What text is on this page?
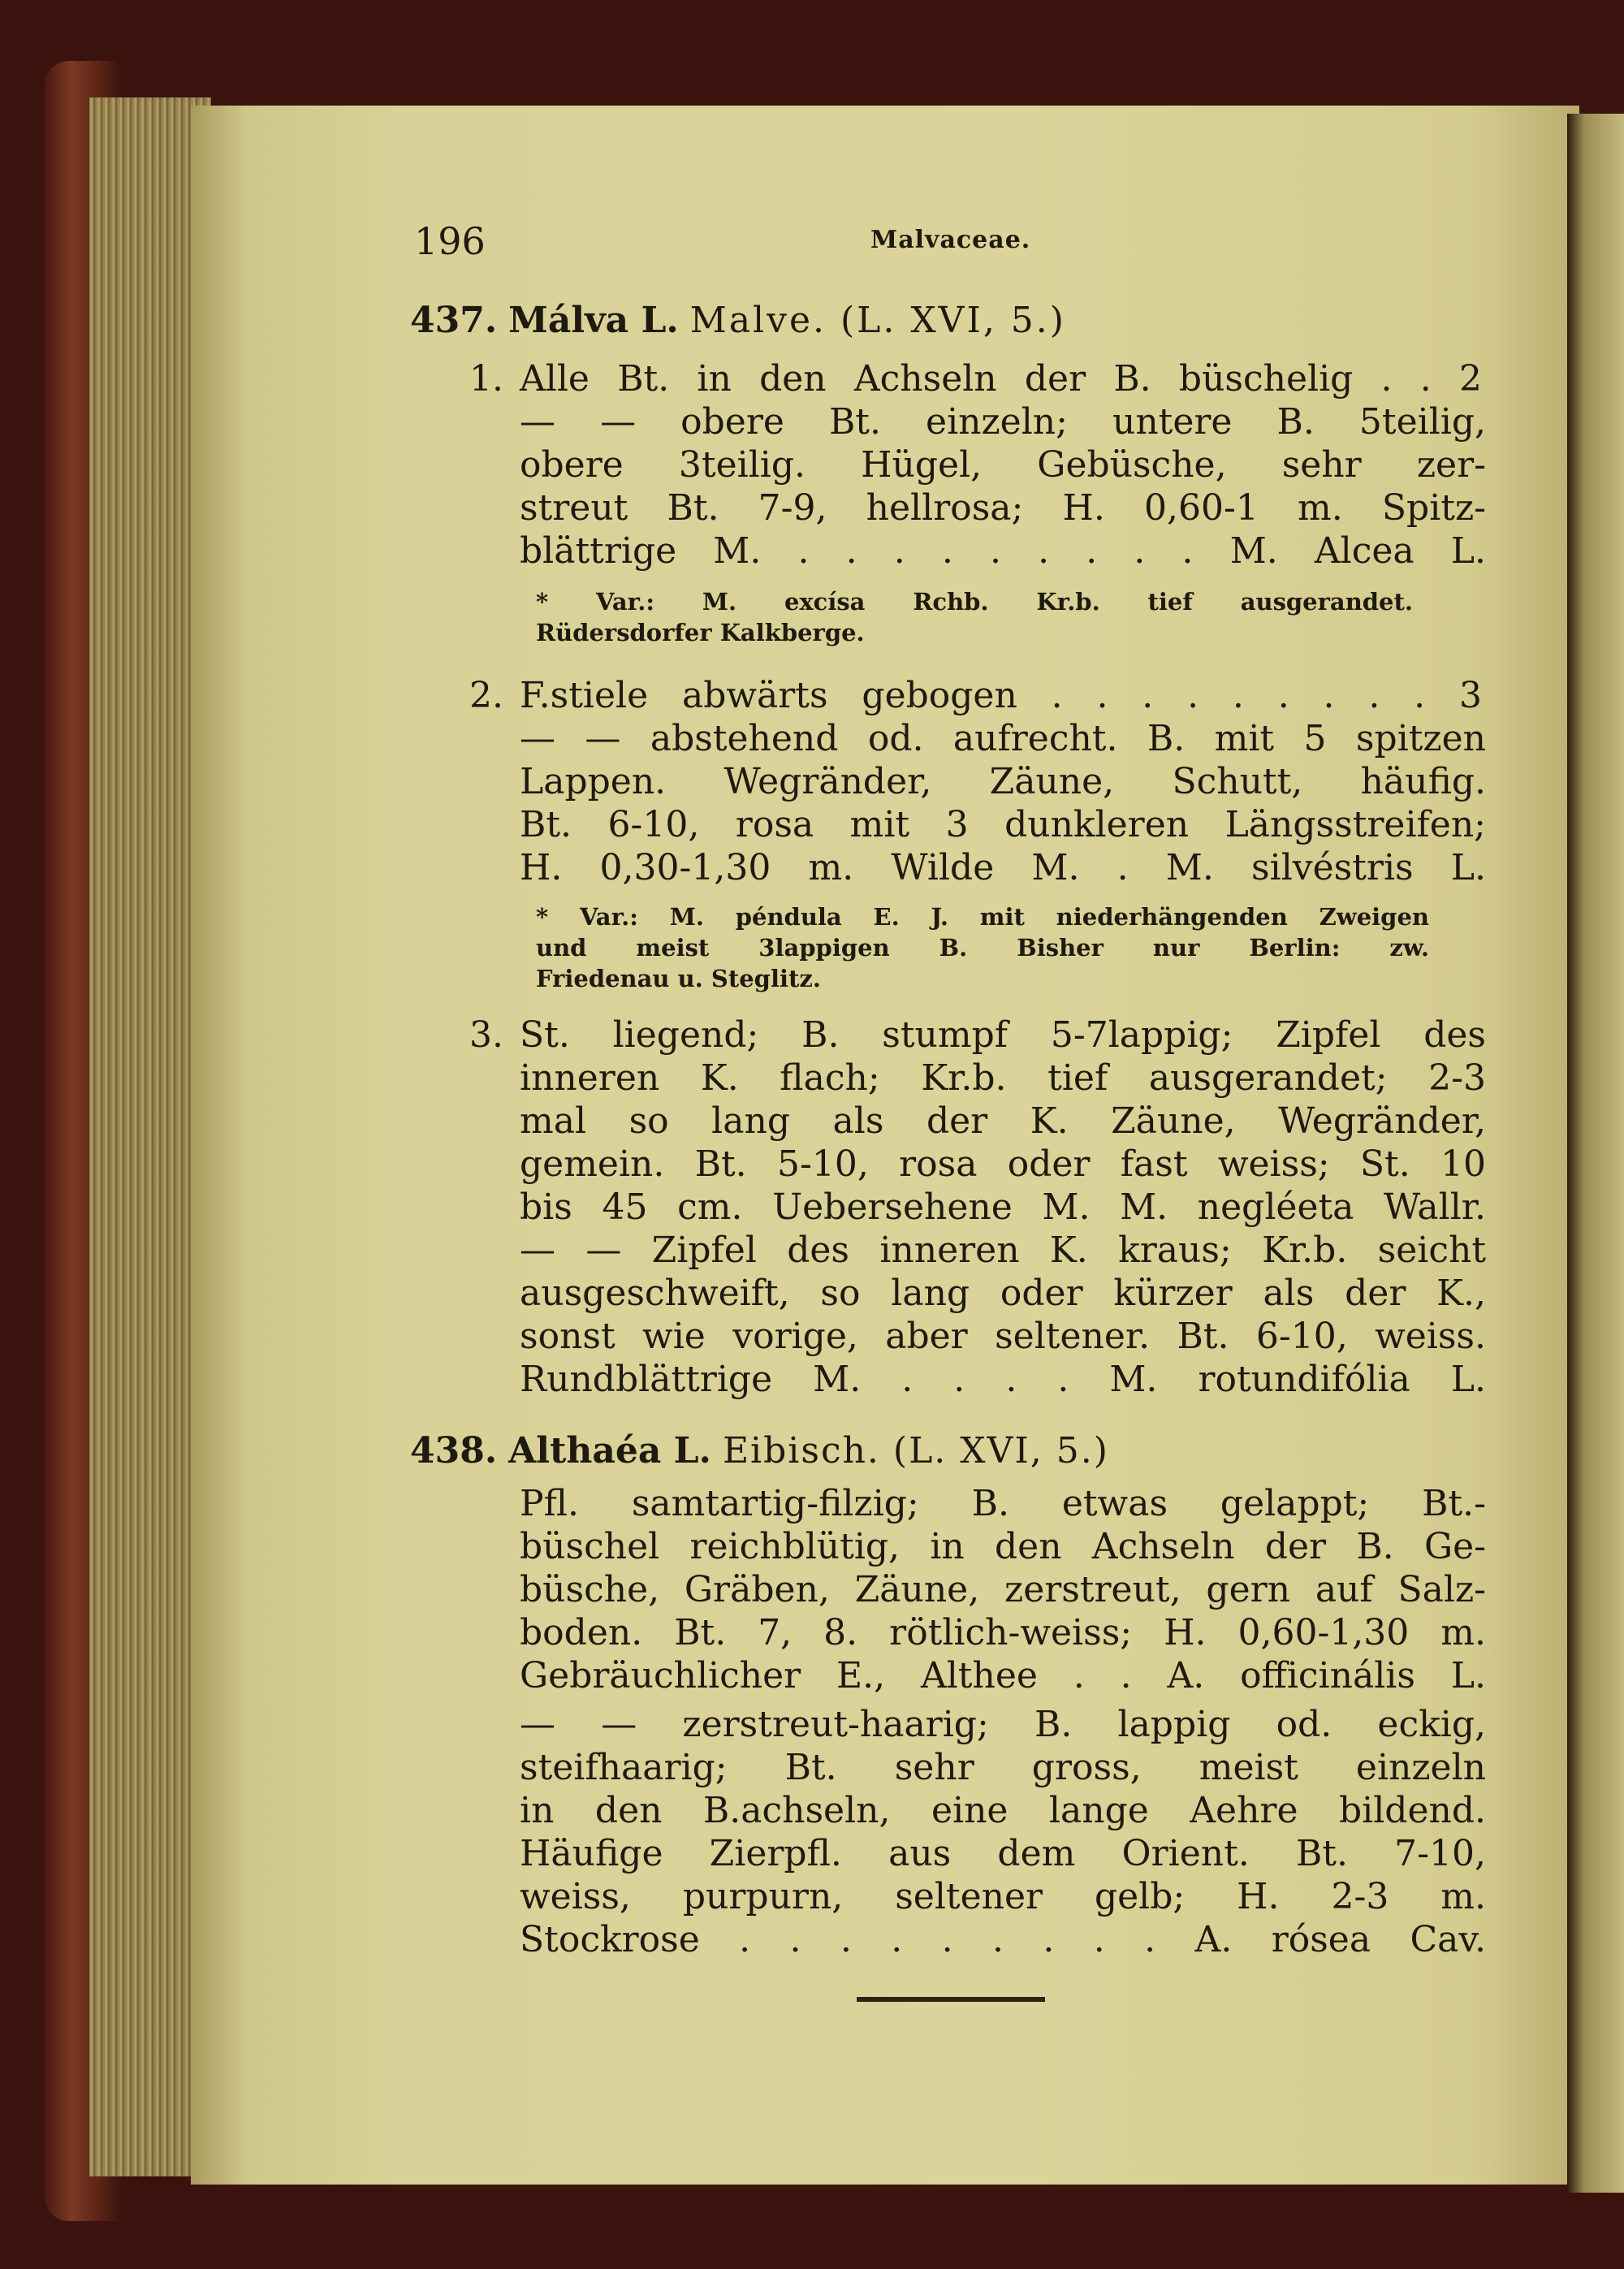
196	Malvaceae.
437. Málva L. Malve. (L. XVI, 5.)
1. Alle Bt. in den Achseln der B. büschelig . . 2
— — obere Bt. einzeln; untere B. 5teilig,
obere 3teilig. Hügel, Gebüsche, sehr zer-
streut Bt. 7-9, hellrosa; H. 0,60-1 m. Spitz-
blättrige M. . . . . . . . . . M. Alcea L.
* Var.: M. excísa Rchb. Kr.b. tief ausgerandet.
Rüdersdorfer Kalkberge.
2. F.stiele abwärts gebogen . . . . . . . . . 3
— — abstehend od. aufrecht. B. mit 5 spitzen
Lappen. Wegränder, Zäune, Schutt, häufig.
Bt. 6-10, rosa mit 3 dunkleren Längsstreifen;
H. 0,30-1,30 m. Wilde M. . M. silvéstris L.
* Var.: M. péndula E. J. mit niederhängenden Zweigen
und meist 3lappigen B. Bisher nur Berlin: zw.
Friedenau u. Steglitz.
3. St. liegend; B. stumpf 5-7lappig; Zipfel des
inneren K. flach; Kr.b. tief ausgerandet; 2-3
mal so lang als der K. Zäune, Wegränder,
gemein. Bt. 5-10, rosa oder fast weiss; St. 10
bis 45 cm. Uebersehene M. M. negléeta Wallr.
— — Zipfel des inneren K. kraus; Kr.b. seicht
ausgeschweift, so lang oder kürzer als der K.,
sonst wie vorige, aber seltener. Bt. 6-10, weiss.
Rundblättrige M. . . . . M. rotundifólia L.
438. Althaéa L. Eibisch. (L. XVI, 5.)
Pfl. samtartig-filzig; B. etwas gelappt; Bt.-
büschel reichblütig, in den Achseln der B. Ge-
büsche, Gräben, Zäune, zerstreut, gern auf Salz-
boden. Bt. 7, 8. rötlich-weiss; H. 0,60-1,30 m.
Gebräuchlicher E., Althee . . A. officinális L.
— — zerstreut-haarig; B. lappig od. eckig,
steifhaarig; Bt. sehr gross, meist einzeln
in den B.achseln, eine lange Aehre bildend.
Häufige Zierpfl. aus dem Orient. Bt. 7-10,
weiss, purpurn, seltener gelb; H. 2-3 m.
Stockrose . . . . . . . . . A. rósea Cav.
